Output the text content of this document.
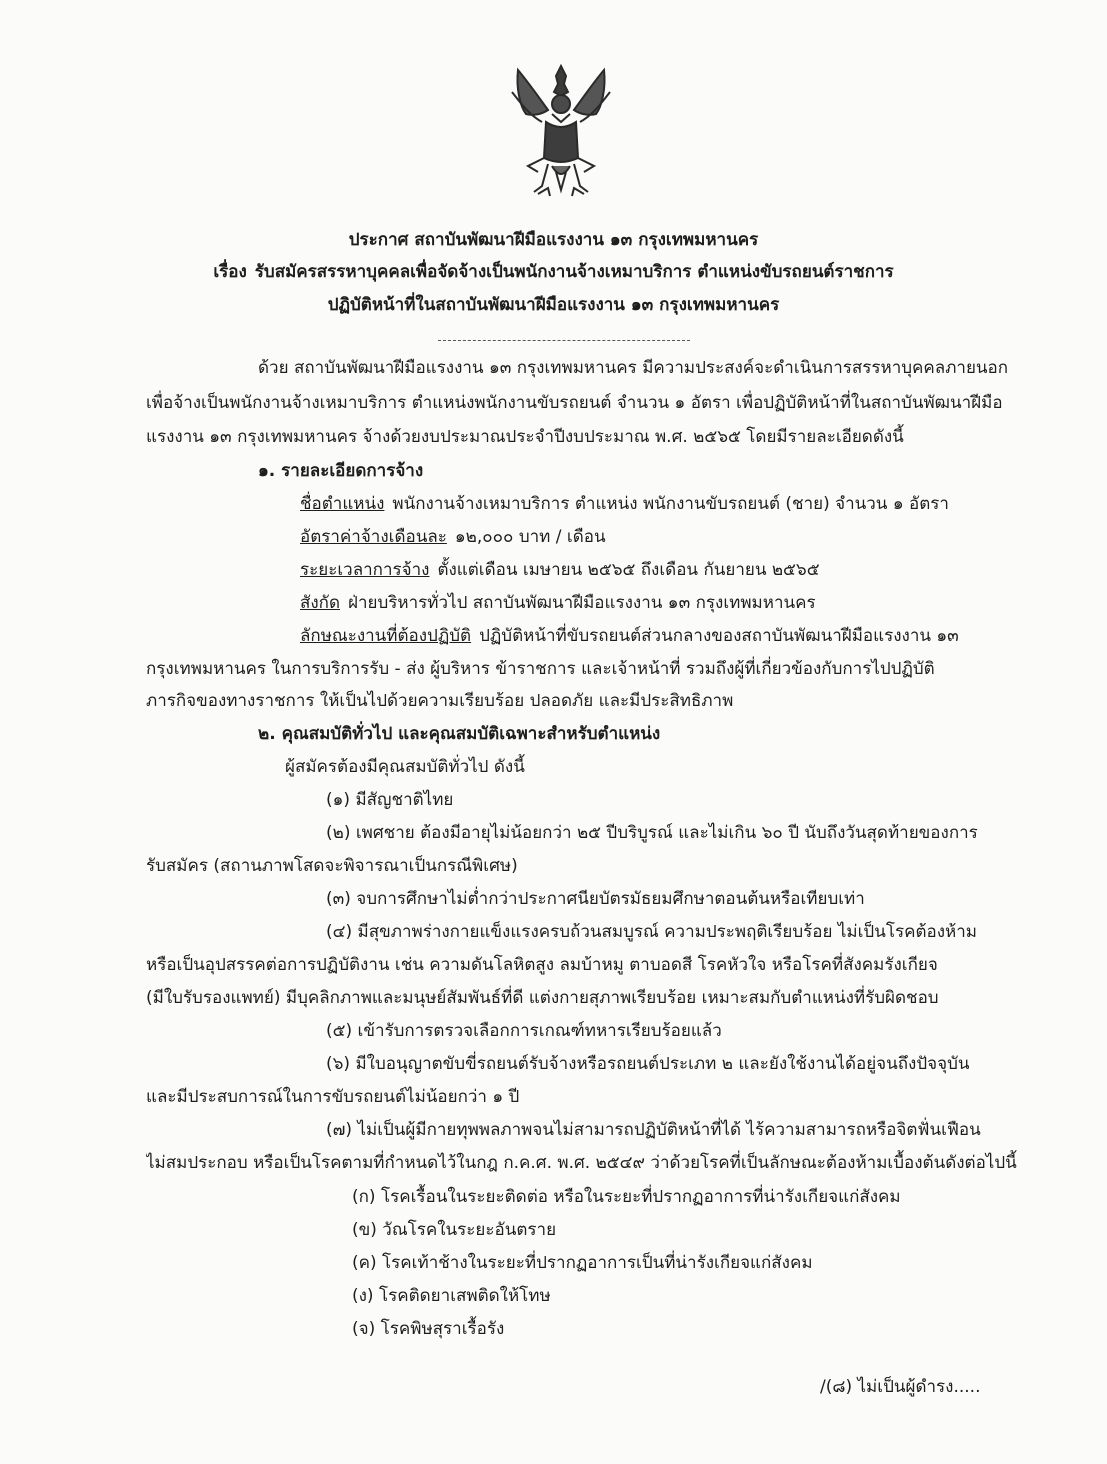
ประกาศ สถาบันพัฒนาฝีมือแรงงาน ๑๓ กรุงเทพมหานคร
เรื่อง รับสมัครสรรหาบุคคลเพื่อจัดจ้างเป็นพนักงานจ้างเหมาบริการ ตำแหน่งขับรถยนต์ราชการ
ปฏิบัติหน้าที่ในสถาบันพัฒนาฝีมือแรงงาน ๑๓ กรุงเทพมหานคร
ด้วย สถาบันพัฒนาฝีมือแรงงาน ๑๓ กรุงเทพมหานคร มีความประสงค์จะดำเนินการสรรหาบุคคลภายนอก
เพื่อจ้างเป็นพนักงานจ้างเหมาบริการ ตำแหน่งพนักงานขับรถยนต์ จำนวน ๑ อัตรา เพื่อปฏิบัติหน้าที่ในสถาบันพัฒนาฝีมือ
แรงงาน ๑๓ กรุงเทพมหานคร จ้างด้วยงบประมาณประจำปีงบประมาณ พ.ศ. ๒๕๖๕ โดยมีรายละเอียดดังนี้
๑. รายละเอียดการจ้าง
ชื่อตำแหน่ง พนักงานจ้างเหมาบริการ ตำแหน่ง พนักงานขับรถยนต์ (ชาย) จำนวน ๑ อัตรา
อัตราค่าจ้างเดือนละ ๑๒,๐๐๐ บาท / เดือน
ระยะเวลาการจ้าง ตั้งแต่เดือน เมษายน ๒๕๖๕ ถึงเดือน กันยายน ๒๕๖๕
สังกัด ฝ่ายบริหารทั่วไป สถาบันพัฒนาฝีมือแรงงาน ๑๓ กรุงเทพมหานคร
ลักษณะงานที่ต้องปฏิบัติ ปฏิบัติหน้าที่ขับรถยนต์ส่วนกลางของสถาบันพัฒนาฝีมือแรงงาน ๑๓
กรุงเทพมหานคร ในการบริการรับ - ส่ง ผู้บริหาร ข้าราชการ และเจ้าหน้าที่ รวมถึงผู้ที่เกี่ยวข้องกับการไปปฏิบัติ
ภารกิจของทางราชการ ให้เป็นไปด้วยความเรียบร้อย ปลอดภัย และมีประสิทธิภาพ
๒. คุณสมบัติทั่วไป และคุณสมบัติเฉพาะสำหรับตำแหน่ง
ผู้สมัครต้องมีคุณสมบัติทั่วไป ดังนี้
(๑) มีสัญชาติไทย
(๒) เพศชาย ต้องมีอายุไม่น้อยกว่า ๒๕ ปีบริบูรณ์ และไม่เกิน ๖๐ ปี นับถึงวันสุดท้ายของการ
รับสมัคร (สถานภาพโสดจะพิจารณาเป็นกรณีพิเศษ)
(๓) จบการศึกษาไม่ต่ำกว่าประกาศนียบัตรมัธยมศึกษาตอนต้นหรือเทียบเท่า
(๔) มีสุขภาพร่างกายแข็งแรงครบถ้วนสมบูรณ์ ความประพฤติเรียบร้อย ไม่เป็นโรคต้องห้าม
หรือเป็นอุปสรรคต่อการปฏิบัติงาน เช่น ความดันโลหิตสูง ลมบ้าหมู ตาบอดสี โรคหัวใจ หรือโรคที่สังคมรังเกียจ
(มีใบรับรองแพทย์) มีบุคลิกภาพและมนุษย์สัมพันธ์ที่ดี แต่งกายสุภาพเรียบร้อย เหมาะสมกับตำแหน่งที่รับผิดชอบ
(๕) เข้ารับการตรวจเลือกการเกณฑ์ทหารเรียบร้อยแล้ว
(๖) มีใบอนุญาตขับขี่รถยนต์รับจ้างหรือรถยนต์ประเภท ๒ และยังใช้งานได้อยู่จนถึงปัจจุบัน
และมีประสบการณ์ในการขับรถยนต์ไม่น้อยกว่า ๑ ปี
(๗) ไม่เป็นผู้มีกายทุพพลภาพจนไม่สามารถปฏิบัติหน้าที่ได้ ไร้ความสามารถหรือจิตฟั่นเฟือน
ไม่สมประกอบ หรือเป็นโรคตามที่กำหนดไว้ในกฎ ก.ค.ศ. พ.ศ. ๒๕๔๙ ว่าด้วยโรคที่เป็นลักษณะต้องห้ามเบื้องต้นดังต่อไปนี้
(ก) โรคเรื้อนในระยะติดต่อ หรือในระยะที่ปรากฏอาการที่น่ารังเกียจแก่สังคม
(ข) วัณโรคในระยะอันตราย
(ค) โรคเท้าช้างในระยะที่ปรากฏอาการเป็นที่น่ารังเกียจแก่สังคม
(ง) โรคติดยาเสพติดให้โทษ
(จ) โรคพิษสุราเรื้อรัง
/(๘) ไม่เป็นผู้ดำรง.....
